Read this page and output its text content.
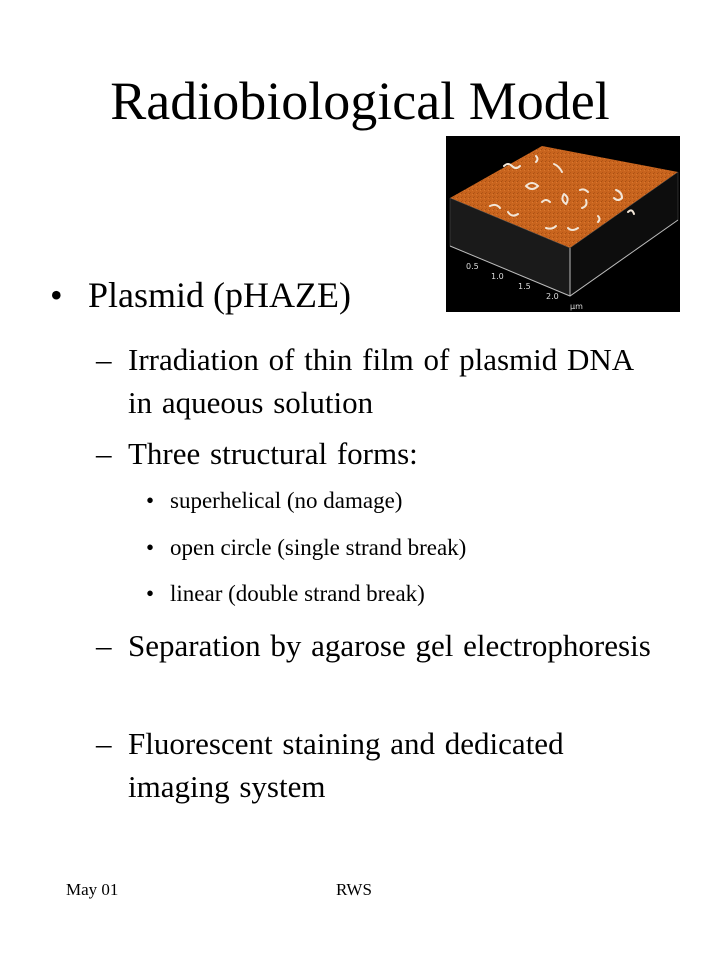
Radiobiological Model
0.5
1.0
1.5
2.0
µm
• Plasmid (pHAZE)
– Irradiation of thin film of plasmid DNA in aqueous solution
– Three structural forms:
• superhelical (no damage)
• open circle (single strand break)
• linear (double strand break)
– Separation by agarose gel electrophoresis
– Fluorescent staining and dedicated imaging system
May 01	RWS
